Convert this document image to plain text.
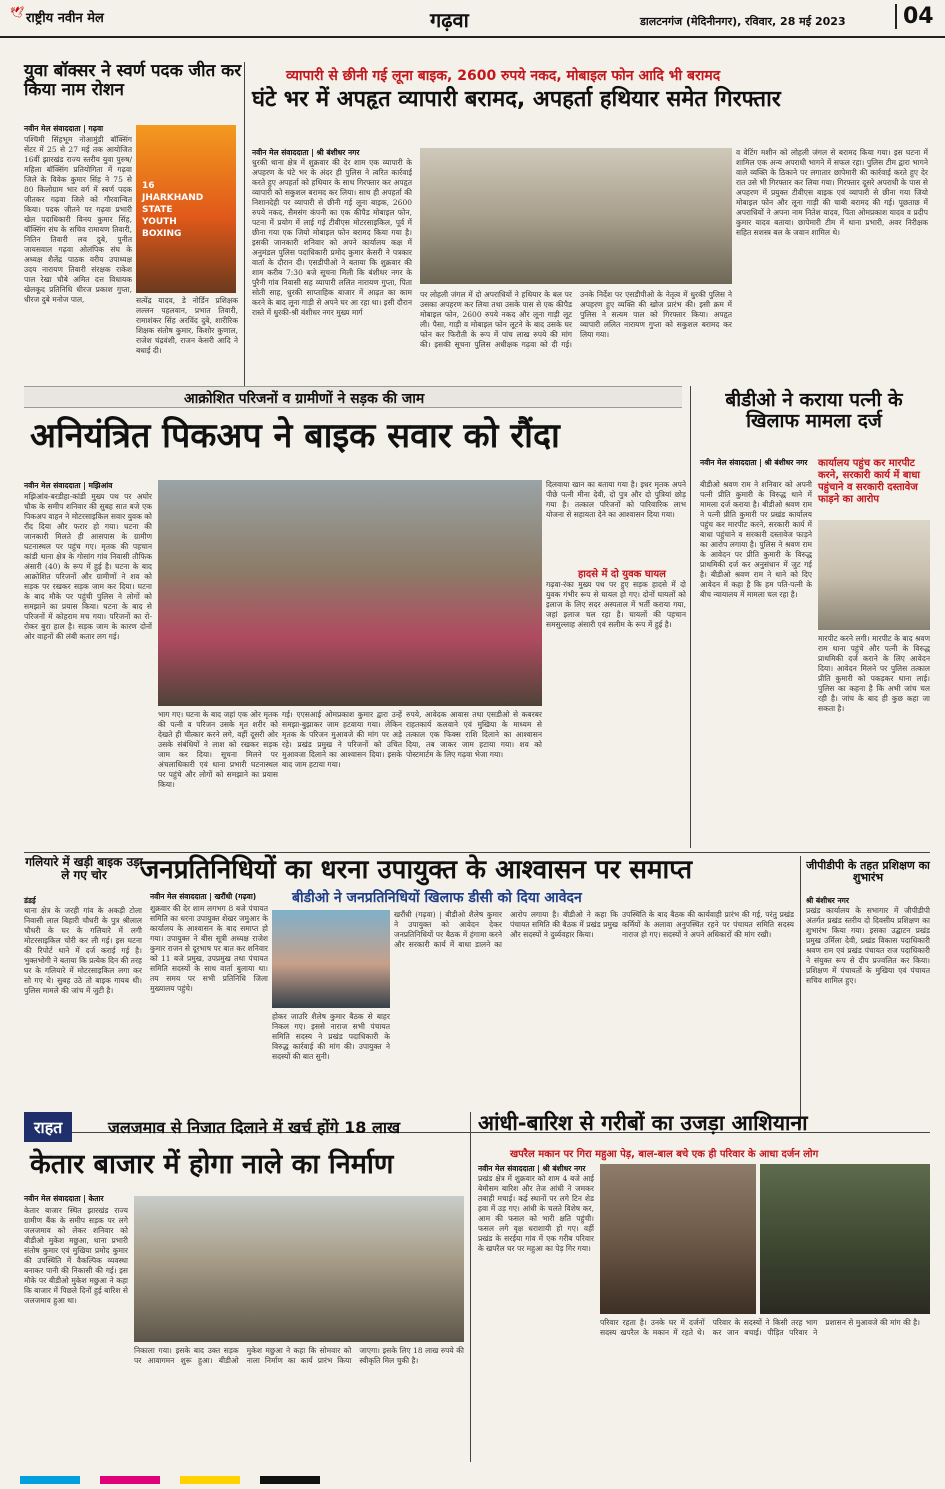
🕊 राष्ट्रीय नवीन मेल	गढ़वा	डालटनगंज (मेदिनीनगर), रविवार, 28 मई 2023	04
युवा बॉक्सर ने स्वर्ण पदक जीत कर किया नाम रोशन
नवीन मेल संवाददाता | गढ़वा
पश्चिमी सिंहभूम नोआमुंडी बॉक्सिंग सेंटर में 25 से 27 मई तक आयोजित 16वीं झारखंड राज्य स्तरीय युवा पुरुष/महिला बॉक्सिंग प्रतियोगिता में गढ़वा जिले के विवेक कुमार सिंह ने 75 से 80 किलोग्राम भार वर्ग में स्वर्ण पदक जीतकर गढ़वा जिले को गौरवान्वित किया। पदक जीतने पर गढ़वा प्रभारी खेल पदाधिकारी विनय कुमार सिंह, बॉक्सिंग संघ के सचिव रामायण तिवारी, नितिन तिवारी लव दुबे, पुनीत जायसवाल गढ़वा ओलंपिक संघ के अध्यक्ष शैलेंद्र पाठक वरीय उपाध्यक्ष उदय नारायण तिवारी संरक्षक राकेश पाल रेखा चौबे अमित दत्त विधायक खेलकूद प्रतिनिधि धीरज प्रकाश गुप्ता, धीरज दुबे मनोज पाल,
16 JHARKHAND STATE YOUTH BOXING
सत्येंद्र यादव, डे नोर्डिन प्रशिक्षक लल्लन पहलवान, प्रभात तिवारी, रामाशंकर सिंह अरविंद दुबे, शारीरिक शिक्षक संतोष कुमार, किशोर कुणाल, राजेश चंद्रवंशी, राजन केसरी आदि ने बधाई दी।
व्यापारी से छीनी गई लूना बाइक, 2600 रुपये नकद, मोबाइल फोन आदि भी बरामद
घंटे भर में अपहृत व्यापारी बरामद, अपहर्ता हथियार समेत गिरफ्तार
नवीन मेल संवाददाता | श्री बंशीधर नगर
धुरकी थाना क्षेत्र में शुक्रवार की देर शाम एक व्यापारी के अपहरण के घंटे भर के अंदर ही पुलिस ने त्वरित कार्रवाई करते हुए अपहर्ता को हथियार के साथ गिरफ्तार कर अपहृत व्यापारी को सकुशल बरामद कर लिया। साथ ही अपहर्ता की निशानदेही पर व्यापारी से छीनी गई लूना बाइक, 2600 रुपये नकद, सैमसंग कंपनी का एक कीपैड मोबाइल फोन, पटना में प्रयोग में लाई गई टीवीएस मोटरसाइकिल, पूर्व में छीना गया एक जियो मोबाइल फोन बरामद किया गया है। इसकी जानकारी शनिवार को अपने कार्यालय कक्ष में अनुमंडल पुलिस पदाधिकारी प्रमोद कुमार केसरी ने पत्रकार वार्ता के दौरान दी। एसडीपीओ ने बताया कि शुक्रवार की शाम करीब 7:30 बजे सूचना मिली कि बंशीधर नगर के पुरैनी गांव निवासी सह व्यापारी ललित नारायण गुप्ता, पिता सोती साह, धुरकी साप्ताहिक बाजार में आढ़त का काम करने के बाद लूना गाड़ी से अपने घर आ रहा था। इसी दौरान रास्ते में धुरकी-श्री बंशीधर नगर मुख्य मार्ग
पर लोहली जंगल में दो अपराधियों ने हथियार के बल पर उसका अपहरण कर लिया तथा उसके पास से एक कीपैड मोबाइल फोन, 2600 रुपये नकद और लूना गाड़ी लूट ली। पैसा, गाड़ी व मोबाइल फोन लूटने के बाद उसके घर फोन कर फिरौती के रूप में पांच लाख रुपये की मांग की। इसकी सूचना पुलिस अधीक्षक गढ़वा को दी गई। उनके निर्देश पर एसडीपीओ के नेतृत्व में धुरकी पुलिस ने अपहरण हुए व्यक्ति की खोज प्रारंभ की। इसी क्रम में पुलिस ने सत्यम पाल को गिरफ्तार किया। अपहृत व्यापारी ललित नारायण गुप्ता को सकुशल बरामद कर लिया गया।
व वेटिंग मशीन को लोहली जंगल से बरामद किया गया। इस घटना में शामिल एक अन्य अपराधी भागने में सफल रहा। पुलिस टीम द्वारा भागने वाले व्यक्ति के ठिकाने पर लगातार छापेमारी की कार्रवाई करते हुए देर रात उसे भी गिरफ्तार कर लिया गया। गिरफ्तार दूसरे अपराधी के पास से अपहरण में प्रयुक्त टीवीएस बाइक एवं व्यापारी से छीना गया जियो मोबाइल फोन और लूना गाड़ी की चाबी बरामद की गई। पूछताछ में अपराधियों ने अपना नाम नितेश यादव, पिता ओमप्रकाश यादव व प्रदीप कुमार यादव बताया। छापेमारी टीम में थाना प्रभारी, अवर निरीक्षक सहित सशस्त्र बल के जवान शामिल थे।
आक्रोशित परिजनों व ग्रामीणों ने सड़क की जाम
अनियंत्रित पिकअप ने बाइक सवार को रौंदा
नवीन मेल संवाददाता | मझिआंव
मझिआंव-बरडीहा-कांडी मुख्य पथ पर अघोर चौक के समीप शनिवार की सुबह सात बजे एक पिकअप वाहन ने मोटरसाइकिल सवार युवक को रौंद दिया और फरार हो गया। घटना की जानकारी मिलते ही आसपास के ग्रामीण घटनास्थल पर पहुंच गए। मृतक की पहचान कांडी थाना क्षेत्र के गोसांग गांव निवासी तौफिक अंसारी (40) के रूप में हुई है। घटना के बाद आक्रोशित परिजनों और ग्रामीणों ने शव को सड़क पर रखकर सड़क जाम कर दिया। घटना के बाद मौके पर पहुंची पुलिस ने लोगों को समझाने का प्रयास किया। घटना के बाद से परिजनों में कोहराम मच गया। परिजनों का रो-रोकर बुरा हाल है। सड़क जाम के कारण दोनों ओर वाहनों की लंबी कतार लग गई।
भाग गए। घटना के बाद जहां एक ओर मृतक की पत्नी व परिजन उसके मृत शरीर को देखते ही चीत्कार करने लगे, वहीं दूसरी ओर उसके संबंधियों ने लाश को रखकर सड़क जाम कर दिया। सूचना मिलने पर अंचलाधिकारी एवं थाना प्रभारी घटनास्थल पर पहुंचे और लोगों को समझाने का प्रयास किया।
गई। एएसआई ओमप्रकाश कुमार द्वारा उन्हें समझा-बुझाकर जाम हटवाया गया। लेकिन मृतक के परिजन मुआवजे की मांग पर अड़े रहे। प्रखंड प्रमुख ने परिजनों को उचित मुआवजा दिलाने का आश्वासन दिया। इसके बाद जाम हटाया गया।
रुपये, आवेदक आवास तथा एसडीओ से कबरबर राहतकार्य कलवाने एवं मुखिया के माध्यम से तत्काल एक फिक्स राशि दिलाने का आश्वासन दिया, तब जाकर जाम हटाया गया। शव को पोस्टमार्टम के लिए गढ़वा भेजा गया।
दिलवाया खान का बताया गया है। इधर मृतक अपने पीछे पत्नी मीना देवी, दो पुत्र और दो पुत्रियां छोड़ गया है। तत्काल परिजनों को पारिवारिक लाभ योजना से सहायता देने का आश्वासन दिया गया।
हादसे में दो युवक घायल
गढ़वा-रंका मुख्य पथ पर हुए सड़क हादसे में दो युवक गंभीर रूप से घायल हो गए। दोनों घायलों को इलाज के लिए सदर अस्पताल में भर्ती कराया गया, जहां इलाज चल रहा है। घायलों की पहचान समसुल्लाह अंसारी एवं सलीम के रूप में हुई है।
बीडीओ ने कराया पत्नी के खिलाफ मामला दर्ज
नवीन मेल संवाददाता | श्री बंशीधर नगर
बीडीओ श्रवण राम ने शनिवार को अपनी पत्नी प्रीति कुमारी के विरुद्ध थाने में मामला दर्ज कराया है। बीडीओ श्रवण राम ने पत्नी प्रीति कुमारी पर प्रखंड कार्यालय पहुंच कर मारपीट करने, सरकारी कार्य में बाधा पहुंचाने व सरकारी दस्तावेज फाड़ने का आरोप लगाया है। पुलिस ने श्रवण राम के आवेदन पर प्रीति कुमारी के विरुद्ध प्राथमिकी दर्ज कर अनुसंधान में जुट गई है। बीडीओ श्रवण राम ने थाने को दिए आवेदन में कहा है कि हम पति-पत्नी के बीच न्यायालय में मामला चल रहा है।
कार्यालय पहुंच कर मारपीट करने, सरकारी कार्य में बाधा पहुंचाने व सरकारी दस्तावेज फाड़ने का आरोप
मारपीट करने लगी। मारपीट के बाद श्रवण राम थाना पहुंचे और पत्नी के विरुद्ध प्राथमिकी दर्ज कराने के लिए आवेदन दिया। आवेदन मिलने पर पुलिस तत्काल प्रीति कुमारी को पकड़कर थाना लाई। पुलिस का कहना है कि अभी जांच चल रही है। जांच के बाद ही कुछ कहा जा सकता है।
गलियारे में खड़ी बाइक उड़ा ले गए चोर
डंडई
थाना क्षेत्र के जरही गांव के अकड़ी टोला निवासी लाल बिहारी चौधरी के पुत्र श्रीलाल चौधरी के घर के गलियारे में लगी मोटरसाइकिल चोरी कर ली गई। इस घटना की रिपोर्ट थाने में दर्ज कराई गई है। भुक्तभोगी ने बताया कि प्रत्येक दिन की तरह घर के गलियारे में मोटरसाइकिल लगा कर सो गए थे। सुबह उठे तो बाइक गायब थी। पुलिस मामले की जांच में जुटी है।
जनप्रतिनिधियों का धरना उपायुक्त के आश्वासन पर समाप्त
नवीन मेल संवाददाता | खरौंधी (गढ़वा)
शुक्रवार की देर शाम लगभग 8 बजे पंचायत समिति का धरना उपायुक्त शेखर जमुआर के कार्यालय के आश्वासन के बाद समाप्त हो गया। उपायुक्त ने बीस सूत्री अध्यक्ष राजेश कुमार राजन से दूरभाष पर बात कर शनिवार को 11 बजे प्रमुख, उपप्रमुख तथा पंचायत समिति सदस्यों के साथ वार्ता बुलाया था। तय समय पर सभी प्रतिनिधि जिला मुख्यालय पहुंचे।
बीडीओ ने जनप्रतिनिधियों खिलाफ डीसी को दिया आवेदन
होकर जाउरि शैलेष कुमार बैठक से बाहर निकल गए। इससे नाराज सभी पंचायत समिति सदस्य ने प्रखंड पदाधिकारी के विरुद्ध कार्रवाई की मांग की। उपायुक्त ने सदस्यों की बात सुनी।
खरौंधी (गढ़वा) | बीडीओ शैलेष कुमार ने उपायुक्त को आवेदन देकर जनप्रतिनिधियों पर बैठक में हंगामा करने और सरकारी कार्य में बाधा डालने का आरोप लगाया है। बीडीओ ने कहा कि पंचायत समिति की बैठक में प्रखंड प्रमुख और सदस्यों ने दुर्व्यवहार किया।
उपस्थिति के बाद बैठक की कार्यवाही प्रारंभ की गई, परंतु प्रखंड कर्मियों के अलावा अनुपस्थित रहने पर पंचायत समिति सदस्य नाराज हो गए। सदस्यों ने अपने अधिकारों की मांग रखी।
जीपीडीपी के तहत प्रशिक्षण का शुभारंभ
श्री बंशीधर नगर
प्रखंड कार्यालय के सभागार में जीपीडीपी अंतर्गत प्रखंड स्तरीय दो दिवसीय प्रशिक्षण का शुभारंभ किया गया। इसका उद्घाटन प्रखंड प्रमुख उर्मिला देवी, प्रखंड विकास पदाधिकारी श्रवण राम एवं प्रखंड पंचायत राज पदाधिकारी ने संयुक्त रूप से दीप प्रज्वलित कर किया। प्रशिक्षण में पंचायतों के मुखिया एवं पंचायत सचिव शामिल हुए।
राहत	जलजमाव से निजात दिलाने में खर्च होंगे 18 लाख
केतार बाजार में होगा नाले का निर्माण
नवीन मेल संवाददाता | केतार
केतार बाजार स्थित झारखंड राज्य ग्रामीण बैंक के समीप सड़क पर लगे जलजमाव को लेकर शनिवार को बीडीओ मुकेश मछुआ, थाना प्रभारी संतोष कुमार एवं मुखिया प्रमोद कुमार की उपस्थिति में वैकल्पिक व्यवस्था बनाकर पानी की निकासी की गई। इस मौके पर बीडीओ मुकेश मछुआ ने कहा कि बाजार में पिछले दिनों हुई बारिश से जलजमाव हुआ था।
निकाला गया। इसके बाद उक्त सड़क पर आवागमन शुरू हुआ। बीडीओ मुकेश मछुआ ने कहा कि सोमवार को नाला निर्माण का कार्य प्रारंभ किया जाएगा। इसके लिए 18 लाख रुपये की स्वीकृति मिल चुकी है।
आंधी-बारिश से गरीबों का उजड़ा आशियाना
खपरैल मकान पर गिरा महुआ पेड़, बाल-बाल बचे एक ही परिवार के आधा दर्जन लोग
नवीन मेल संवाददाता | श्री बंशीधर नगर
प्रखंड क्षेत्र में शुक्रवार को शाम 4 बजे आई बेमौसम बारिश और तेज आंधी ने जमकर तबाही मचाई। कई स्थानों पर लगे टिन शेड हवा में उड़ गए। आंधी के चलते विशेष कर, आम की फसल को भारी क्षति पहुंची। फसल लगे वृक्ष धराशायी हो गए। वहीं प्रखंड के सरईया गांव में एक गरीब परिवार के खपरैल घर पर महुआ का पेड़ गिर गया।
परिवार रहता है। उनके घर में दर्जनों सदस्य खपरैल के मकान में रहते थे। परिवार के सदस्यों ने किसी तरह भाग कर जान बचाई। पीड़ित परिवार ने प्रशासन से मुआवजे की मांग की है।
